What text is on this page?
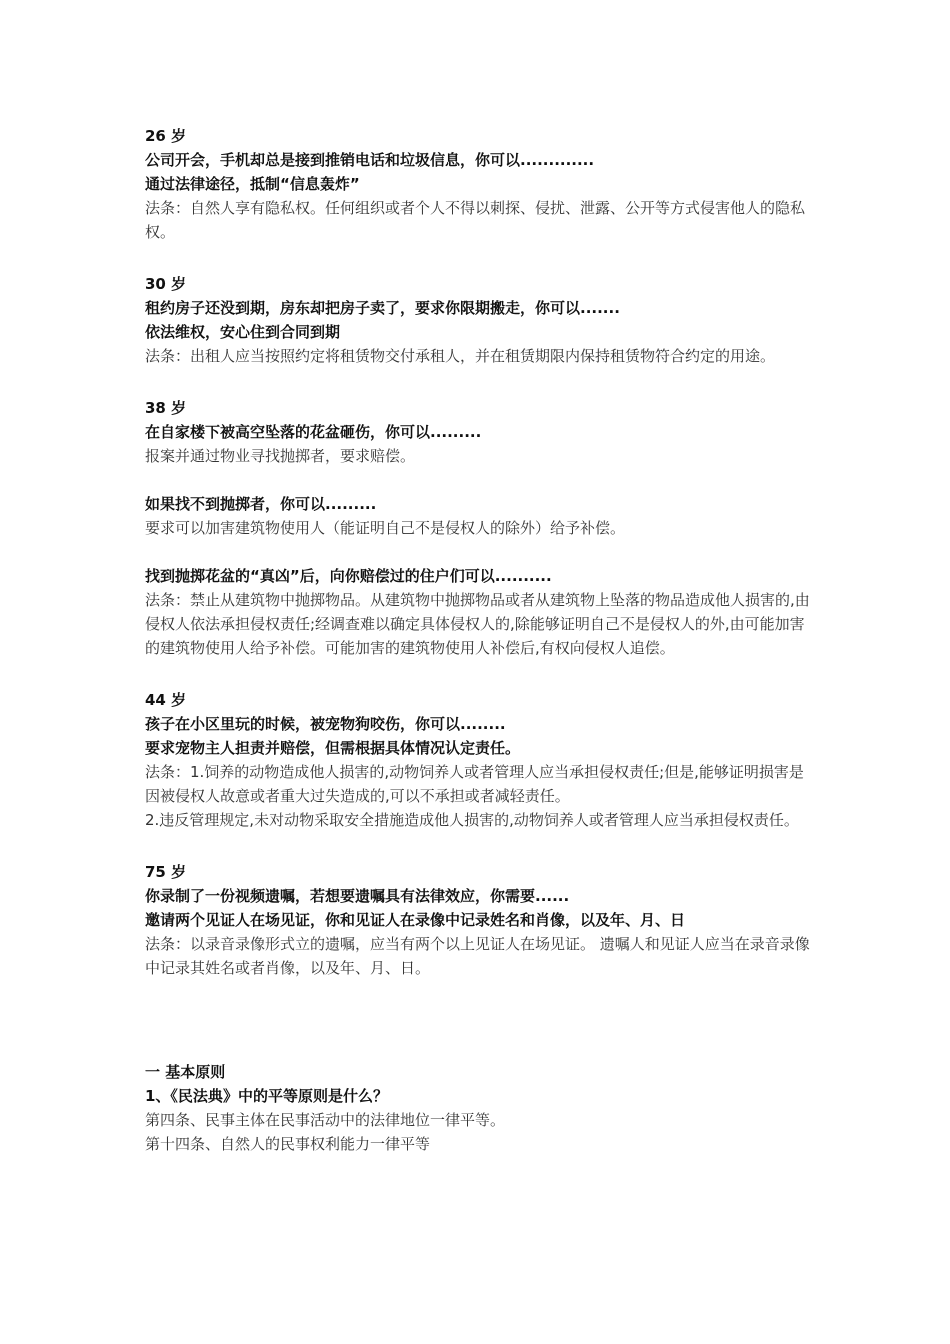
26 岁

公司开会，手机却总是接到推销电话和垃圾信息，你可以.............

通过法律途径，抵制“信息轰炸”

法条：自然人享有隐私权。任何组织或者个人不得以刺探、侵扰、泄露、公开等方式侵害他人的隐私权。

30 岁

租约房子还没到期，房东却把房子卖了，要求你限期搬走，你可以.......

依法维权，安心住到合同到期

法条：出租人应当按照约定将租赁物交付承租人，并在租赁期限内保持租赁物符合约定的用途。

38 岁

在自家楼下被高空坠落的花盆砸伤，你可以.........

报案并通过物业寻找抛掷者，要求赔偿。

如果找不到抛掷者，你可以.........

要求可以加害建筑物使用人（能证明自己不是侵权人的除外）给予补偿。

找到抛掷花盆的“真凶”后，向你赔偿过的住户们可以..........

法条：禁止从建筑物中抛掷物品。从建筑物中抛掷物品或者从建筑物上坠落的物品造成他人损害的,由侵权人依法承担侵权责任;经调查难以确定具体侵权人的,除能够证明自己不是侵权人的外,由可能加害的建筑物使用人给予补偿。可能加害的建筑物使用人补偿后,有权向侵权人追偿。

44 岁

孩子在小区里玩的时候，被宠物狗咬伤，你可以........

要求宠物主人担责并赔偿，但需根据具体情况认定责任。

法条：1.饲养的动物造成他人损害的,动物饲养人或者管理人应当承担侵权责任;但是,能够证明损害是因被侵权人故意或者重大过失造成的,可以不承担或者减轻责任。

2.违反管理规定,未对动物采取安全措施造成他人损害的,动物饲养人或者管理人应当承担侵权责任。

75 岁

你录制了一份视频遗嘱，若想要遗嘱具有法律效应，你需要......

邀请两个见证人在场见证，你和见证人在录像中记录姓名和肖像，以及年、月、日

法条：以录音录像形式立的遗嘱，应当有两个以上见证人在场见证。 遗嘱人和见证人应当在录音录像中记录其姓名或者肖像，以及年、月、日。

一 基本原则

1、《民法典》中的平等原则是什么？

第四条、民事主体在民事活动中的法律地位一律平等。

第十四条、自然人的民事权利能力一律平等
